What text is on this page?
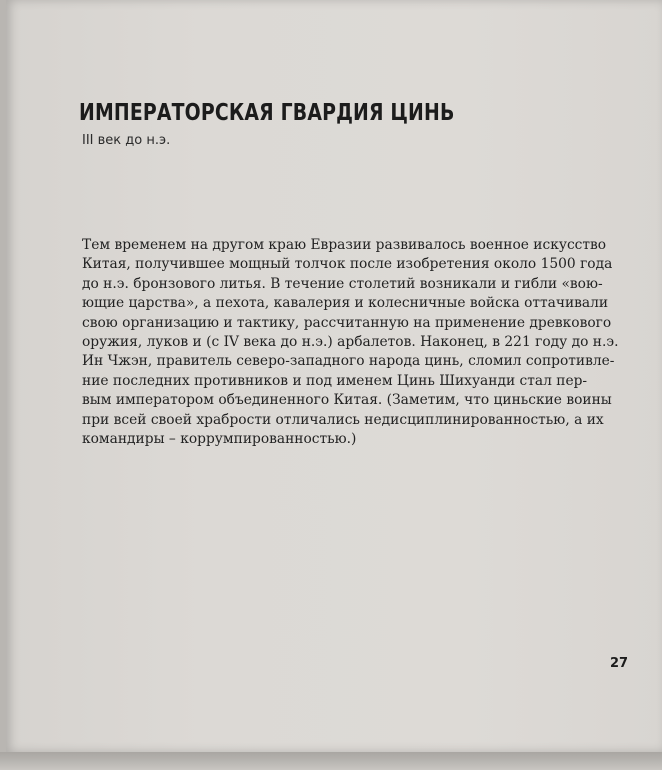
ИМПЕРАТОРСКАЯ ГВАРДИЯ ЦИНЬ
III век до н.э.
Тем временем на другом краю Евразии развивалось военное искусство
Китая, получившее мощный толчок после изобретения около 1500 года
до н.э. бронзового литья. В течение столетий возникали и гибли «вою-
ющие царства», а пехота, кавалерия и колесничные войска оттачивали
свою организацию и тактику, рассчитанную на применение древкового
оружия, луков и (с IV века до н.э.) арбалетов. Наконец, в 221 году до н.э.
Ин Чжэн, правитель северо-западного народа цинь, сломил сопротивле-
ние последних противников и под именем Цинь Шихуанди стал пер-
вым императором объединенного Китая. (Заметим, что циньские воины
при всей своей храбрости отличались недисциплинированностью, а их
командиры – коррумпированностью.)
27
